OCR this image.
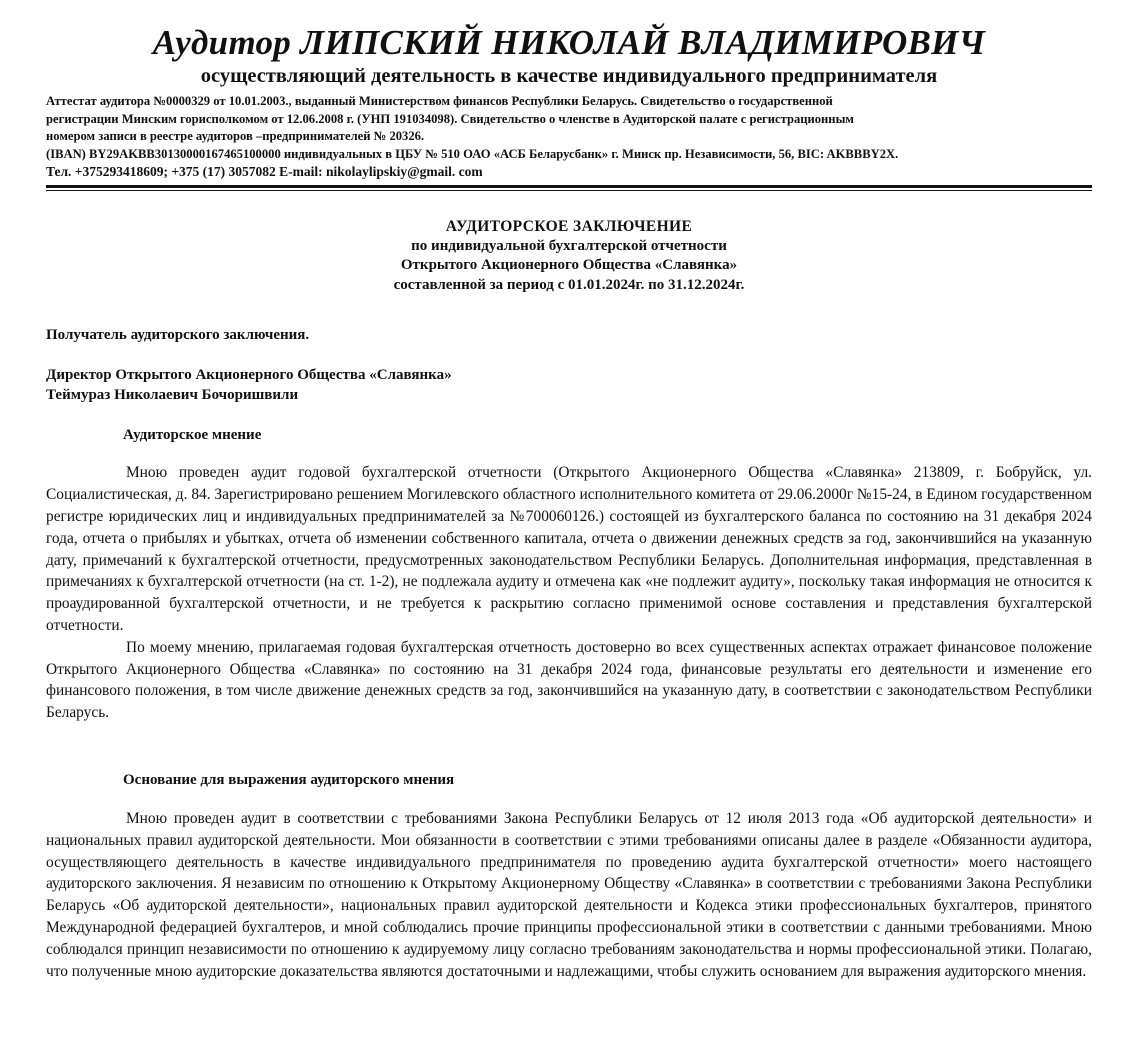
Аудитор ЛИПСКИЙ НИКОЛАЙ ВЛАДИМИРОВИЧ
осуществляющий деятельность в качестве индивидуального предпринимателя

Аттестат аудитора №0000329 от 10.01.2003., выданный Министерством финансов Республики Беларусь. Свидетельство о государственной

регистрации Минским горисполкомом от 12.06.2008 г. (УНП 191034098). Свидетельство о членстве в Аудиторской палате с регистрационным

номером записи в реестре аудиторов –предпринимателей № 20326.

(IBAN) BY29AKBB30130000167465100000 индивидуальных в ЦБУ № 510 ОАО «АСБ Беларусбанк» г. Минск пр. Независимости, 56, BIC: AKBBBY2X.

Тел. +375293418609; +375 (17) 3057082 E-mail: nikolaylipskiy@gmail. com

АУДИТОРСКОЕ ЗАКЛЮЧЕНИЕ
по индивидуальной бухгалтерской отчетности
Открытого Акционерного Общества «Славянка»
составленной за период с 01.01.2024г. по 31.12.2024г.
Получатель аудиторского заключения.
Директор Открытого Акционерного Общества «Славянка»
Теймураз Николаевич Бочоришвили
Аудиторское мнение

Мною проведен аудит годовой бухгалтерской отчетности (Открытого Акционерного Общества «Славянка» 213809, г. Бобруйск, ул. Социалистическая, д. 84. Зарегистрировано решением Могилевского областного исполнительного комитета от 29.06.2000г №15-24, в Едином государственном регистре юридических лиц и индивидуальных предпринимателей за №700060126.) состоящей из бухгалтерского баланса по состоянию на 31 декабря 2024 года, отчета о прибылях и убытках, отчета об изменении собственного капитала, отчета о движении денежных средств за год, закончившийся на указанную дату, примечаний к бухгалтерской отчетности, предусмотренных законодательством Республики Беларусь. Дополнительная информация, представленная в примечаниях к бухгалтерской отчетности (на ст. 1-2), не подлежала аудиту и отмечена как «не подлежит аудиту», поскольку такая информация не относится к проаудированной бухгалтерской отчетности, и не требуется к раскрытию согласно применимой основе составления и представления бухгалтерской отчетности.

По моему мнению, прилагаемая годовая бухгалтерская отчетность достоверно во всех существенных аспектах отражает финансовое положение Открытого Акционерного Общества «Славянка» по состоянию на 31 декабря 2024 года, финансовые результаты его деятельности и изменение его финансового положения, в том числе движение денежных средств за год, закончившийся на указанную дату, в соответствии с законодательством Республики Беларусь.

Основание для выражения аудиторского мнения

Мною проведен аудит в соответствии с требованиями Закона Республики Беларусь от 12 июля 2013 года «Об аудиторской деятельности» и национальных правил аудиторской деятельности. Мои обязанности в соответствии с этими требованиями описаны далее в разделе «Обязанности аудитора, осуществляющего деятельность в качестве индивидуального предпринимателя по проведению аудита бухгалтерской отчетности» моего настоящего аудиторского заключения. Я независим по отношению к Открытому Акционерному Обществу «Славянка» в соответствии с требованиями Закона Республики Беларусь «Об аудиторской деятельности», национальных правил аудиторской деятельности и Кодекса этики профессиональных бухгалтеров, принятого Международной федерацией бухгалтеров, и мной соблюдались прочие принципы профессиональной этики в соответствии с данными требованиями. Мною соблюдался принцип независимости по отношению к аудируемому лицу согласно требованиям законодательства и нормы профессиональной этики. Полагаю, что полученные мною аудиторские доказательства являются достаточными и надлежащими, чтобы служить основанием для выражения аудиторского мнения.
